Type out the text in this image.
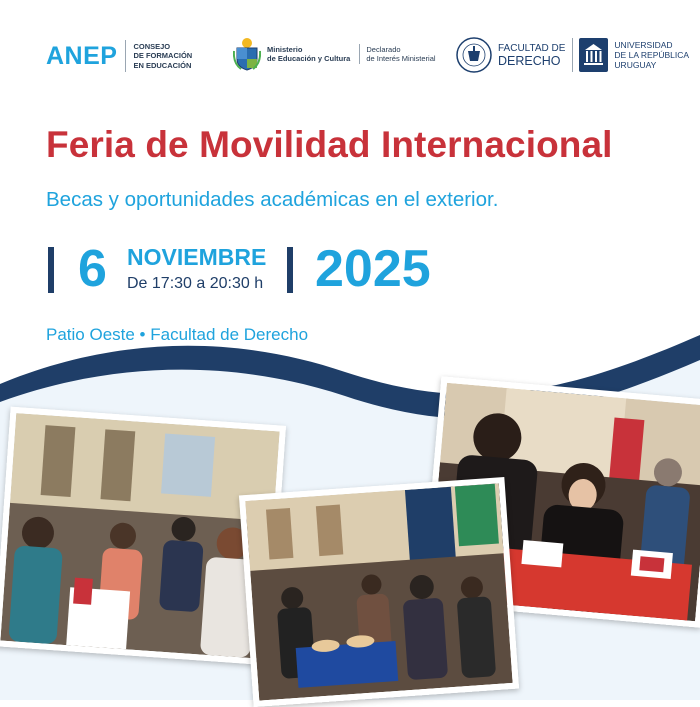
ANEP CONSEJO
DE FORMACIÓN
EN EDUCACIÓN
Ministerio
de Educación y Cultura
Declarado
de Interés Ministerial
FACULTAD DE
DERECHO
UNIVERSIDAD
DE LA REPÚBLICA
URUGUAY
Feria de Movilidad Internacional
Becas y oportunidades académicas en el exterior.
6 NOVIEMBRE
De 17:30 a 20:30 h 2025
Patio Oeste • Facultad de Derecho
